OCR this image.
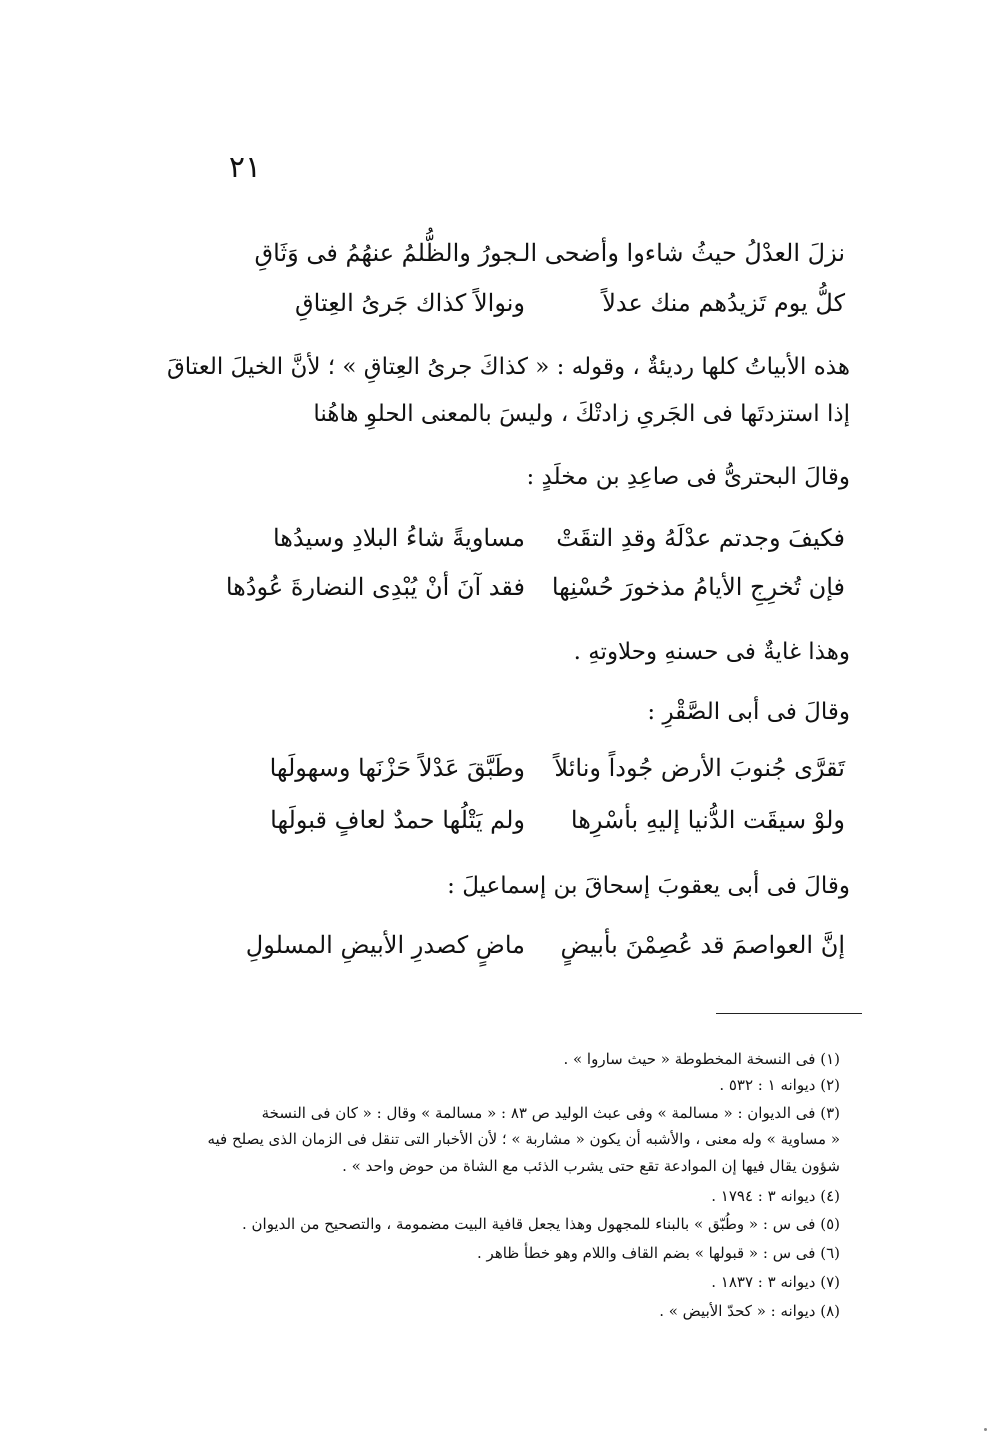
٢١
نزلَ العدْلُ حيثُ شاءوا وأضحى الـ
ـجورُ والظُّلمُ عنهُمُ فى وَثَاقِ
كلُّ يوم تَزيدُهم منك عدلاً
ونوالاً كذاك جَرىُ العِتاقِ
هذه الأبياتُ كلها رديئةٌ ، وقوله : « كذاكَ جرىُ العِتاقِ » ؛ لأنَّ الخيلَ العتاقَ
إذا استزدتَها فى الجَرىِ زادتْكَ ، وليسَ بالمعنى الحلوِ هاهُنا
وقالَ البحترىُّ فى صاعِدِ بن مخلَدٍ :
فكيفَ وجدتم عدْلَهُ وقدِ التقَتْ
مساويةً شاءُ البلادِ وسيدُها
فإن تُخرِجِ الأيامُ مذخورَ حُسْنِها
فقد آنَ أنْ يُبْدِى النضارةَ عُودُها
وهذا غايةٌ فى حسنهِ وحلاوتهِ .
وقالَ فى أبى الصَّقْرِ :
تَقرَّى جُنوبَ الأرض جُوداً ونائلاً
وطَبَّقَ عَدْلاً حَزْنَها وسهولَها
ولوْ سيقَت الدُّنيا إليهِ بأسْرِها
ولم يَتْلُها حمدٌ لعافٍ قبولَها
وقالَ فى أبى يعقوبَ إسحاقَ بن إسماعيلَ :
إنَّ العواصمَ قد عُصِمْنَ بأبيضٍ
ماضٍ كصدرِ الأبيضِ المسلولِ
(١) فى النسخة المخطوطة « حيث ساروا » .
(٢) ديوانه ١ : ٥٣٢ .
(٣) فى الديوان : « مسالمة » وفى عبث الوليد ص ٨٣ : « مسالمة » وقال : « كان فى النسخة
« مساوية » وله معنى ، والأشبه أن يكون « مشاربة » ؛ لأن الأخبار التى تنقل فى الزمان الذى يصلح فيه
شؤون يقال فيها إن الموادعة تقع حتى يشرب الذئب مع الشاة من حوض واحد » .
(٤) ديوانه ٣ : ١٧٩٤ .
(٥) فى س : « وطُبّق » بالبناء للمجهول وهذا يجعل قافية البيت مضمومة ، والتصحيح من الديوان .
(٦) فى س : « قبولها » بضم القاف واللام وهو خطأ ظاهر .
(٧) ديوانه ٣ : ١٨٣٧ .
(٨) ديوانه : « كحدّ الأبيض » .
